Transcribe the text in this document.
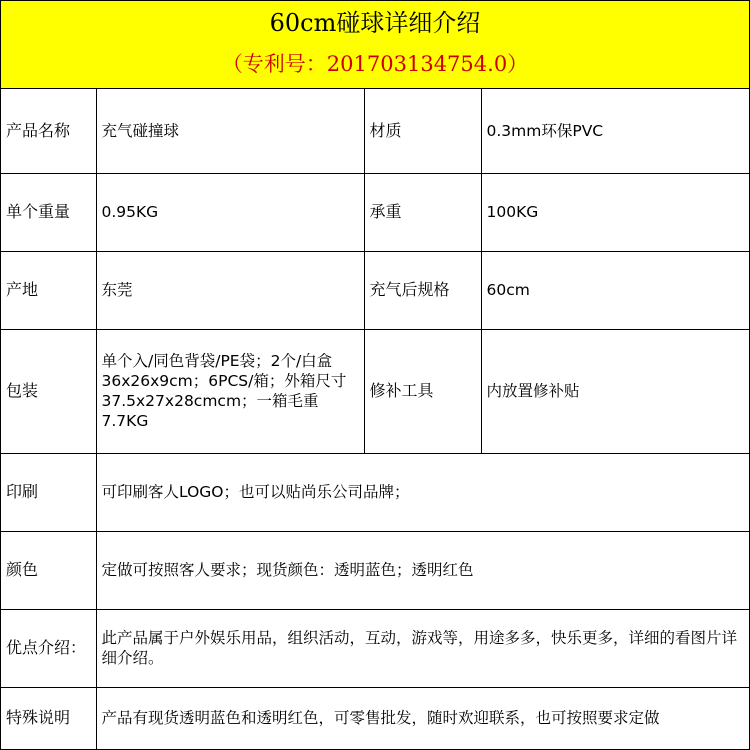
60cm碰球详细介绍
（专利号：201703134754.0）
产品名称	充气碰撞球	材质	0.3mm环保PVC
单个重量	0.95KG	承重	100KG
产地	东莞	充气后规格	60cm
包装	单个入/同色背袋/PE袋；2个/白盒36x26x9cm；6PCS/箱；外箱尺寸37.5x27x28cmcm；一箱毛重7.7KG	修补工具	内放置修补贴
印刷	可印刷客人LOGO；也可以贴尚乐公司品牌；		
颜色	定做可按照客人要求；现货颜色：透明蓝色；透明红色		
优点介绍：	此产品属于户外娱乐用品，组织活动，互动，游戏等，用途多多，快乐更多，详细的看图片详细介绍。		
特殊说明	产品有现货透明蓝色和透明红色，可零售批发，随时欢迎联系，也可按照要求定做		
